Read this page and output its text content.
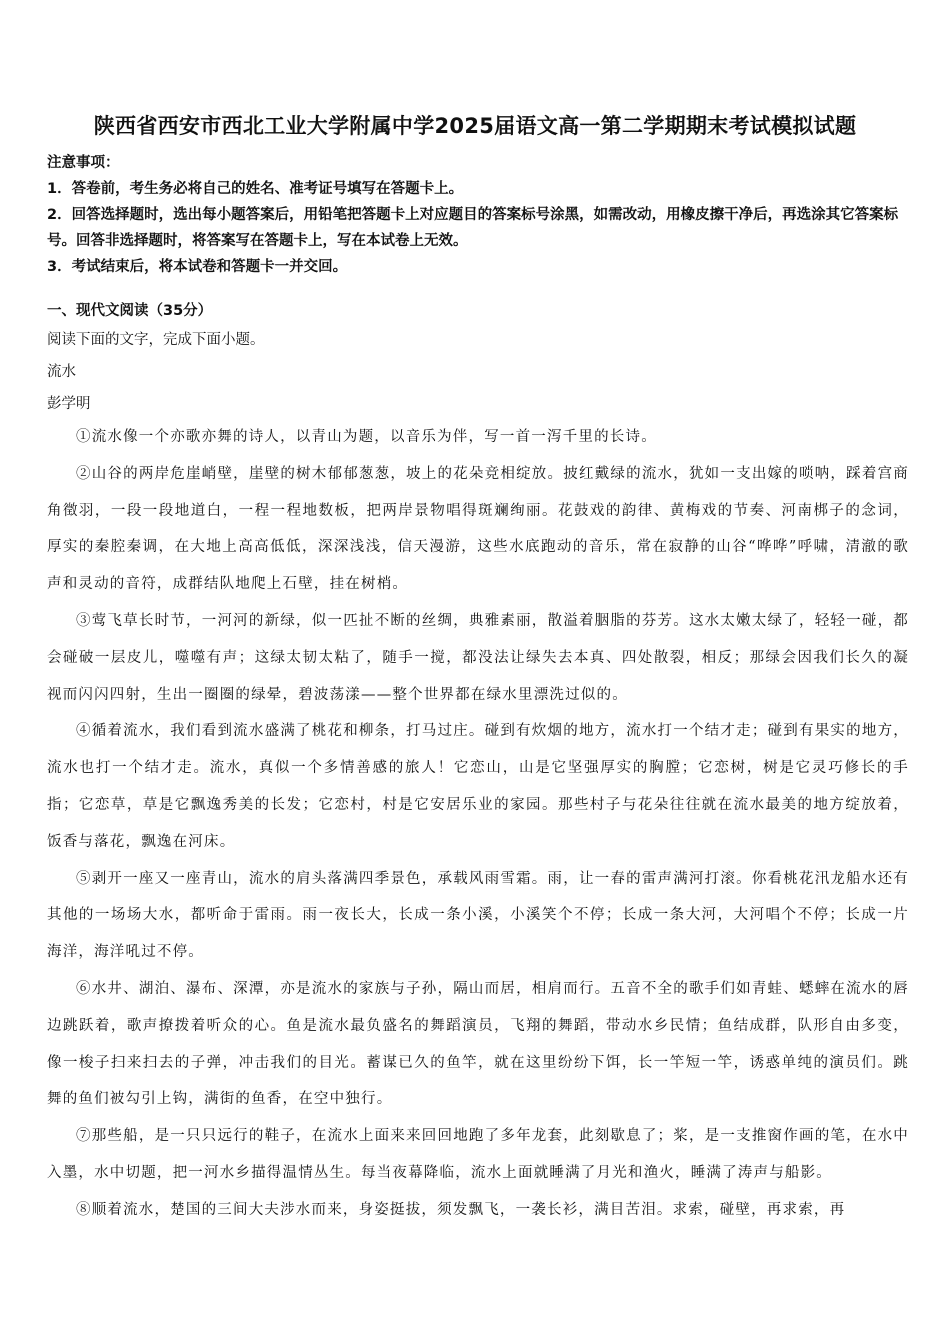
陕西省西安市西北工业大学附属中学2025届语文高一第二学期期末考试模拟试题
注意事项：
1．答卷前，考生务必将自己的姓名、准考证号填写在答题卡上。
2．回答选择题时，选出每小题答案后，用铅笔把答题卡上对应题目的答案标号涂黑，如需改动，用橡皮擦干净后，再选涂其它答案标号。回答非选择题时，将答案写在答题卡上，写在本试卷上无效。
3．考试结束后，将本试卷和答题卡一并交回。
一、现代文阅读（35分）
阅读下面的文字，完成下面小题。
流水
彭学明

①流水像一个亦歌亦舞的诗人，以青山为题，以音乐为伴，写一首一泻千里的长诗。

②山谷的两岸危崖峭壁，崖壁的树木郁郁葱葱，坡上的花朵竞相绽放。披红戴绿的流水，犹如一支出嫁的唢呐，踩着宫商角徵羽，一段一段地道白，一程一程地数板，把两岸景物唱得斑斓绚丽。花鼓戏的韵律、黄梅戏的节奏、河南梆子的念词，厚实的秦腔秦调，在大地上高高低低，深深浅浅，信天漫游，这些水底跑动的音乐，常在寂静的山谷“哗哗”呼啸，清澈的歌声和灵动的音符，成群结队地爬上石壁，挂在树梢。

③莺飞草长时节，一河河的新绿，似一匹扯不断的丝绸，典雅素丽，散溢着胭脂的芬芳。这水太嫩太绿了，轻轻一碰，都会碰破一层皮儿，噬噬有声；这绿太韧太粘了，随手一搅，都没法让绿失去本真、四处散裂，相反；那绿会因我们长久的凝视而闪闪四射，生出一圈圈的绿晕，碧波荡漾——整个世界都在绿水里漂洗过似的。

④循着流水，我们看到流水盛满了桃花和柳条，打马过庄。碰到有炊烟的地方，流水打一个结才走；碰到有果实的地方，流水也打一个结才走。流水，真似一个多情善感的旅人！它恋山，山是它坚强厚实的胸膛；它恋树，树是它灵巧修长的手指；它恋草，草是它飘逸秀美的长发；它恋村，村是它安居乐业的家园。那些村子与花朵往往就在流水最美的地方绽放着，饭香与落花，飘逸在河床。

⑤剥开一座又一座青山，流水的肩头落满四季景色，承载风雨雪霜。雨，让一春的雷声满河打滚。你看桃花汛龙船水还有其他的一场场大水，都听命于雷雨。雨一夜长大，长成一条小溪，小溪笑个不停；长成一条大河，大河唱个不停；长成一片海洋，海洋吼过不停。

⑥水井、湖泊、瀑布、深潭，亦是流水的家族与子孙，隔山而居，相肩而行。五音不全的歌手们如青蛙、蟋蟀在流水的唇边跳跃着，歌声撩拨着听众的心。鱼是流水最负盛名的舞蹈演员，飞翔的舞蹈，带动水乡民情；鱼结成群，队形自由多变，像一梭子扫来扫去的子弹，冲击我们的目光。蓄谋已久的鱼竿，就在这里纷纷下饵，长一竿短一竿，诱惑单纯的演员们。跳舞的鱼们被勾引上钩，满街的鱼香，在空中独行。

⑦那些船，是一只只远行的鞋子，在流水上面来来回回地跑了多年龙套，此刻歇息了；桨，是一支推窗作画的笔，在水中入墨，水中切题，把一河水乡描得温情丛生。每当夜幕降临，流水上面就睡满了月光和渔火，睡满了涛声与船影。

⑧顺着流水，楚国的三间大夫涉水而来，身姿挺拔，须发飘飞，一袭长衫，满目苦泪。求索，碰壁，再求索，再
